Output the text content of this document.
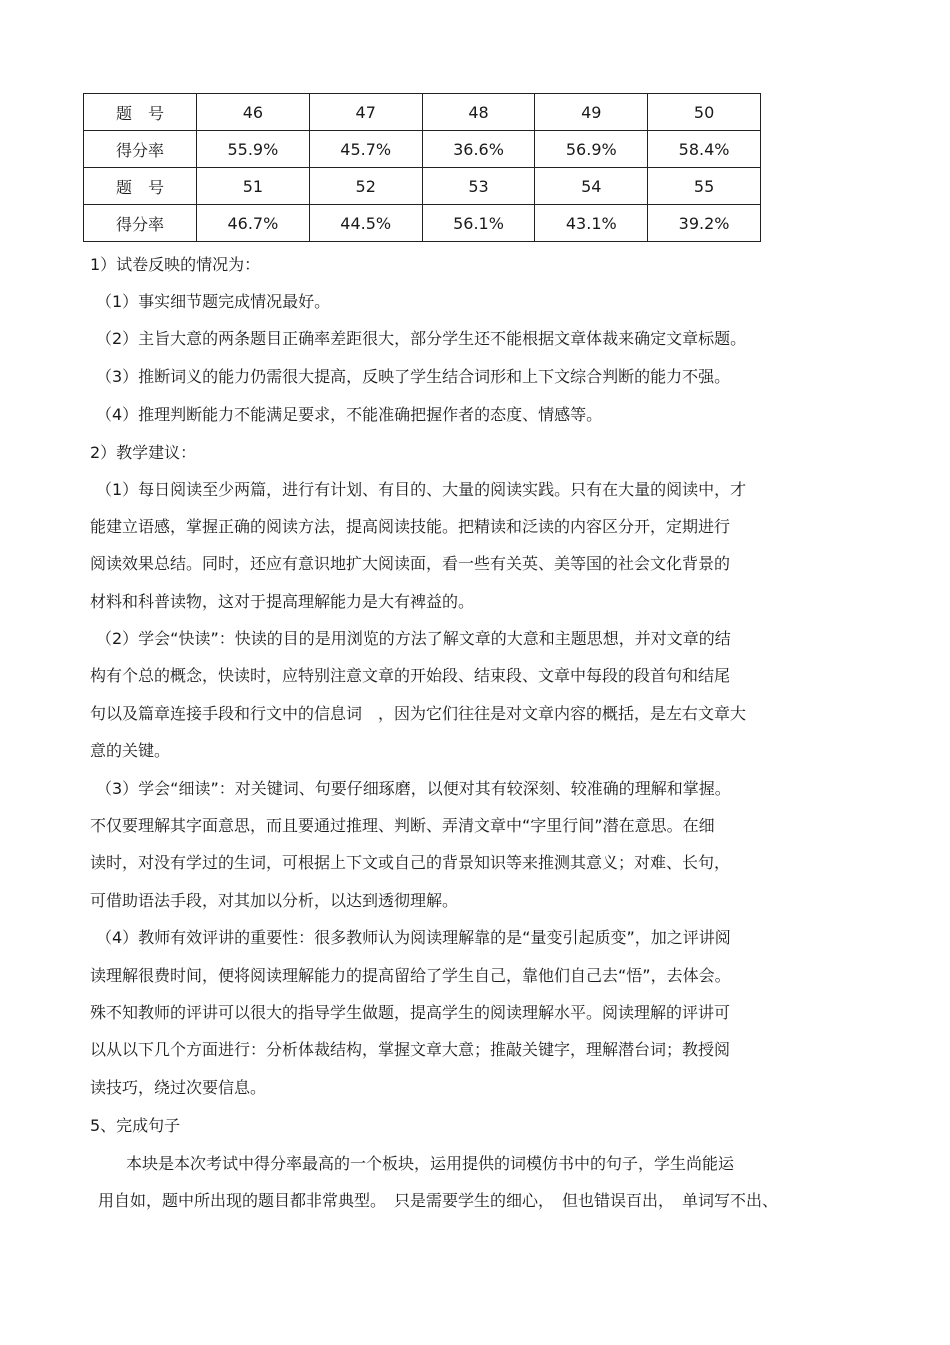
题　号	46	47	48	49	50
得分率	55.9%	45.7%	36.6%	56.9%	58.4%
题　号	51	52	53	54	55
得分率	46.7%	44.5%	56.1%	43.1%	39.2%

1）试卷反映的情况为：

（1）事实细节题完成情况最好。

（2）主旨大意的两条题目正确率差距很大，部分学生还不能根据文章体裁来确定文章标题。

（3）推断词义的能力仍需很大提高，反映了学生结合词形和上下文综合判断的能力不强。

（4）推理判断能力不能满足要求，不能准确把握作者的态度、情感等。

2）教学建议：

（1）每日阅读至少两篇，进行有计划、有目的、大量的阅读实践。只有在大量的阅读中，才

能建立语感，掌握正确的阅读方法，提高阅读技能。把精读和泛读的内容区分开，定期进行

阅读效果总结。同时，还应有意识地扩大阅读面，看一些有关英、美等国的社会文化背景的

材料和科普读物，这对于提高理解能力是大有裨益的。

（2）学会“快读”：快读的目的是用浏览的方法了解文章的大意和主题思想，并对文章的结

构有个总的概念，快读时，应特别注意文章的开始段、结束段、文章中每段的段首句和结尾

句以及篇章连接手段和行文中的信息词　，因为它们往往是对文章内容的概括，是左右文章大

意的关键。

（3）学会“细读”：对关键词、句要仔细琢磨，以便对其有较深刻、较准确的理解和掌握。

不仅要理解其字面意思，而且要通过推理、判断、弄清文章中“字里行间”潜在意思。在细

读时，对没有学过的生词，可根据上下文或自己的背景知识等来推测其意义；对难、长句，

可借助语法手段，对其加以分析，以达到透彻理解。

（4）教师有效评讲的重要性：很多教师认为阅读理解靠的是“量变引起质变”，加之评讲阅

读理解很费时间，便将阅读理解能力的提高留给了学生自己，靠他们自己去“悟”，去体会。

殊不知教师的评讲可以很大的指导学生做题，提高学生的阅读理解水平。阅读理解的评讲可

以从以下几个方面进行：分析体裁结构，掌握文章大意；推敲关键字，理解潜台词；教授阅

读技巧，绕过次要信息。

5、完成句子

本块是本次考试中得分率最高的一个板块，运用提供的词模仿书中的句子，学生尚能运

用自如，题中所出现的题目都非常典型。　只是需要学生的细心，　但也错误百出，　单词写不出、
